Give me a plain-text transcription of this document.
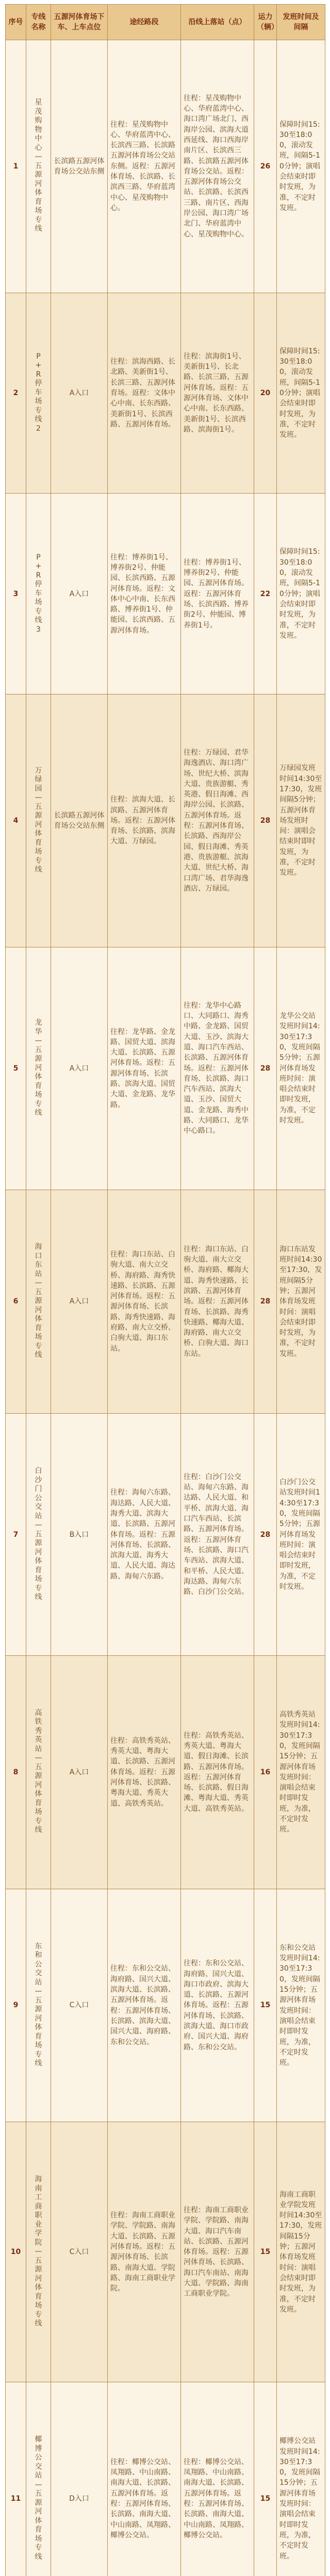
序号	专线名称	五源河体育场下车、上车点位	途经路段	沿线上落站（点）	运力（辆）	发班时间及间隔
1	星茂购物中心—五源河体育场专线	长滨路五源河体育场公交站东侧	往程：星茂购物中心、华府蓝湾中心、长滨西三路、长滨路五源河体育场公交站东侧。返程：五源河体育场、长滨路、长滨西三路、华府蓝湾中心、星茂购物中心。	往程：星茂购物中心、华府蓝湾中心、海口湾广场北门、西海岸公园、滨海大道西延线、海口西海岸南片区、长滨西三路、长滨路五源河体育场公交站。返程：五源河体育场公交站、长滨路、长滨西三路、南片区、西海岸公园、海口湾广场北门、华府蓝湾中心、星茂购物中心。	26	保障时间15:30至18:00，滚动发班，间隔5-10分钟；演唱会结束时即时发班，为准，不定时发班。
2	P+R停车场专线2	A入口	往程：滨海西路、长北路、美新街1号、长滨三路、五源河体育场。返程：文体中心中南、长东西路、美新街1号、长滨西路、五源河体育场。	往程：滨海街1号、美新街1号、长北路、长滨三路、五源河体育场。返程：五源河体育场、文体中心中南、长东西路、美新街1号、长滨西路、滨海街1号。	20	保障时间15:30至18:00，滚动发班，间隔5-10分钟；演唱会结束时即时发班，为准，不定时发班。
3	P+R停车场专线3	A入口	往程：博养街1号、博养街2号、仲能园、长滨西路、五源河体育场。返程：文体中心中南、长东西路、博养街1号、仲能园、长滨西路、五源河体育场。	往程：博养街1号、博养街2号、仲能园、五源河体育场。返程：五源河体育场、长滨西路、博养街2号、仲能园、博养街1号。	22	保障时间15:30至18:00，滚动发班，间隔5-10分钟；演唱会结束时即时发班，为准，不定时发班。
4	万绿园—五源河体育场专线	长滨路五源河体育场公交站东侧	往程：滨海大道、长滨路、五源河体育场。返程：五源河体育场、长滨路、滨海大道、万绿园。	往程：万绿园、君华海逸酒店、海口湾广场、世纪大桥、滨海大道、贵族游艇、秀英港、假日海滩、西海岸公园、长滨路、五源河体育场。返程：五源河体育场、长滨路、西海岸公园、假日海滩、秀英港、贵族游艇、滨海大道、世纪大桥、海口湾广场、君华海逸酒店、万绿园。	28	万绿园发班时间14:30至17:30，发班间隔5分钟；五源河体育场发班时间：演唱会结束时即时发班，为准，不定时发班。
5	龙华—五源河体育场专线	A入口	往程：龙华路、金龙路、国贸大道、滨海大道、长滨路、五源河体育场。返程：五源河体育场、长滨路、滨海大道、国贸大道、金龙路、龙华路。	往程：龙华中心路口、大同路口、海秀中路、金龙路、国贸大道、玉沙、滨海大道、海口汽车西站、长滨路、五源河体育场。返程：五源河体育场、长滨路、海口汽车西站、滨海大道、玉沙、国贸大道、金龙路、海秀中路、大同路口、龙华中心路口。	28	龙华公交站发班时间14:30至17:30，发班间隔5分钟；五源河体育场发班时间：演唱会结束时即时发班，为准，不定时发班。
6	海口东站—五源河体育场专线	A入口	往程：海口东站、白驹大道、南大立交桥、海府路、海秀快速路、长滨路、五源河体育场。返程：五源河体育场、长滨路、海秀快速路、海府路、南大立交桥、白驹大道、海口东站。	往程：海口东站、白驹大道、南大立交桥、海府路、椰海大道、海秀快速路、长滨路、五源河体育场。返程：五源河体育场、长滨路、海秀快速路、椰海大道、海府路、南大立交桥、白驹大道、海口东站。	28	海口东站发班时间14:30至17:30，发班间隔5分钟；五源河体育场发班时间：演唱会结束时即时发班，为准，不定时发班。
7	白沙门公交站—五源河体育场专线	B入口	往程：海甸六东路、海达路、人民大道、海秀大道、滨海大道、长滨路、五源河体育场。返程：五源河体育场、长滨路、滨海大道、海秀大道、人民大道、海达路、海甸六东路。	往程：白沙门公交站、海甸六东路、海达路、人民大道、和平桥、滨海大道、海口汽车西站、长滨路、五源河体育场。返程：五源河体育场、长滨路、海口汽车西站、滨海大道、和平桥、人民大道、海达路、海甸六东路、白沙门公交站。	28	白沙门公交站发班时间14:30至17:30，发班间隔5分钟；五源河体育场发班时间：演唱会结束时即时发班，为准，不定时发班。
8	高铁秀英站—五源河体育场专线	A入口	往程：高铁秀英站、秀英大道、粤海大道、长滨路、五源河体育场。返程：五源河体育场、长滨路、粤海大道、秀英大道、高铁秀英站。	往程：高铁秀英站、秀英大道、粤海大道、假日海滩、长滨路、五源河体育场。返程：五源河体育场、长滨路、假日海滩、粤海大道、秀英大道、高铁秀英站。	16	高铁秀英站发班时间14:30至17:30，发班间隔15分钟；五源河体育场发班时间：演唱会结束时即时发班，为准，不定时发班。
9	东和公交站—五源河体育场专线	C入口	往程：东和公交站、海府路、国兴大道、滨海大道、长滨路、五源河体育场。返程：五源河体育场、长滨路、滨海大道、国兴大道、海府路、东和公交站。	往程：东和公交站、海府路、国兴大道、海口市政府、滨海大道、长滨路、五源河体育场。返程：五源河体育场、长滨路、滨海大道、海口市政府、国兴大道、海府路、东和公交站。	15	东和公交站发班时间14:30至17:30，发班间隔15分钟；五源河体育场发班时间：演唱会结束时即时发班，为准，不定时发班。
10	海南工商职业学院—五源河体育场专线	C入口	往程：海南工商职业学院、学院路、南海大道、长滨路、五源河体育场。返程：五源河体育场、长滨路、南海大道、学院路、海南工商职业学院。	往程：海南工商职业学院、学院路、南海大道、海口汽车南站、长滨路、五源河体育场。返程：五源河体育场、长滨路、海口汽车南站、南海大道、学院路、海南工商职业学院。	15	海南工商职业学院发班时间14:30至17:30，发班间隔15分钟；五源河体育场发班时间：演唱会结束时即时发班，为准，不定时发班。
11	椰博公交站—五源河体育场专线	D入口	往程：椰博公交站、凤翔路、中山南路、南海大道、长滨路、五源河体育场。返程：五源河体育场、长滨路、南海大道、中山南路、凤翔路、椰博公交站。	往程：椰博公交站、凤翔路、中山南路、南海大道、长滨路、五源河体育场。返程：五源河体育场、长滨路、南海大道、中山南路、凤翔路、椰博公交站。	15	椰博公交站发班时间14:30至17:30，发班间隔15分钟；五源河体育场发班时间：演唱会结束时即时发班，为准，不定时发班。
